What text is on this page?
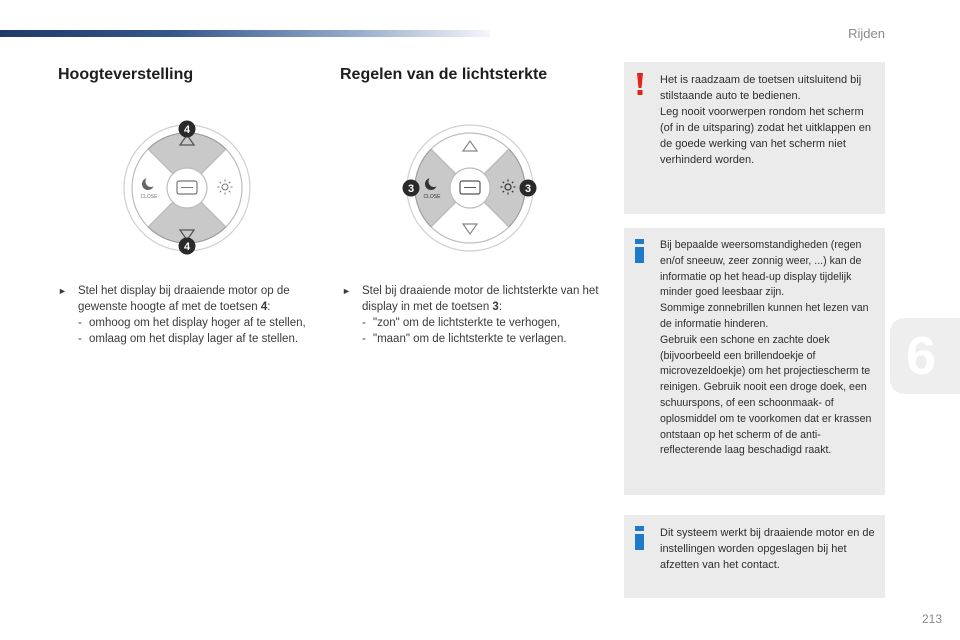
Rijden
6
213
Hoogteverstelling
CLOSE
4
4
► Stel het display bij draaiende motor op de gewenste hoogte af met de toetsen 4:
- omhoog om het display hoger af te stellen,
- omlaag om het display lager af te stellen.
Regelen van de lichtsterkte
CLOSE
3	3
► Stel bij draaiende motor de lichtsterkte van het display in met de toetsen 3:
- "zon" om de lichtsterkte te verhogen,
- "maan" om de lichtsterkte te verlagen.
Het is raadzaam de toetsen uitsluitend bij stilstaande auto te bedienen.
Leg nooit voorwerpen rondom het scherm (of in de uitsparing) zodat het uitklappen en de goede werking van het scherm niet verhinderd worden.
Bij bepaalde weersomstandigheden (regen en/of sneeuw, zeer zonnig weer, ...) kan de informatie op het head-up display tijdelijk minder goed leesbaar zijn.
Sommige zonnebrillen kunnen het lezen van de informatie hinderen.
Gebruik een schone en zachte doek (bijvoorbeeld een brillendoekje of microvezeldoekje) om het projectiescherm te reinigen. Gebruik nooit een droge doek, een schuurspons, of een schoonmaak- of oplosmiddel om te voorkomen dat er krassen ontstaan op het scherm of de anti-reflecterende laag beschadigd raakt.
Dit systeem werkt bij draaiende motor en de instellingen worden opgeslagen bij het afzetten van het contact.
